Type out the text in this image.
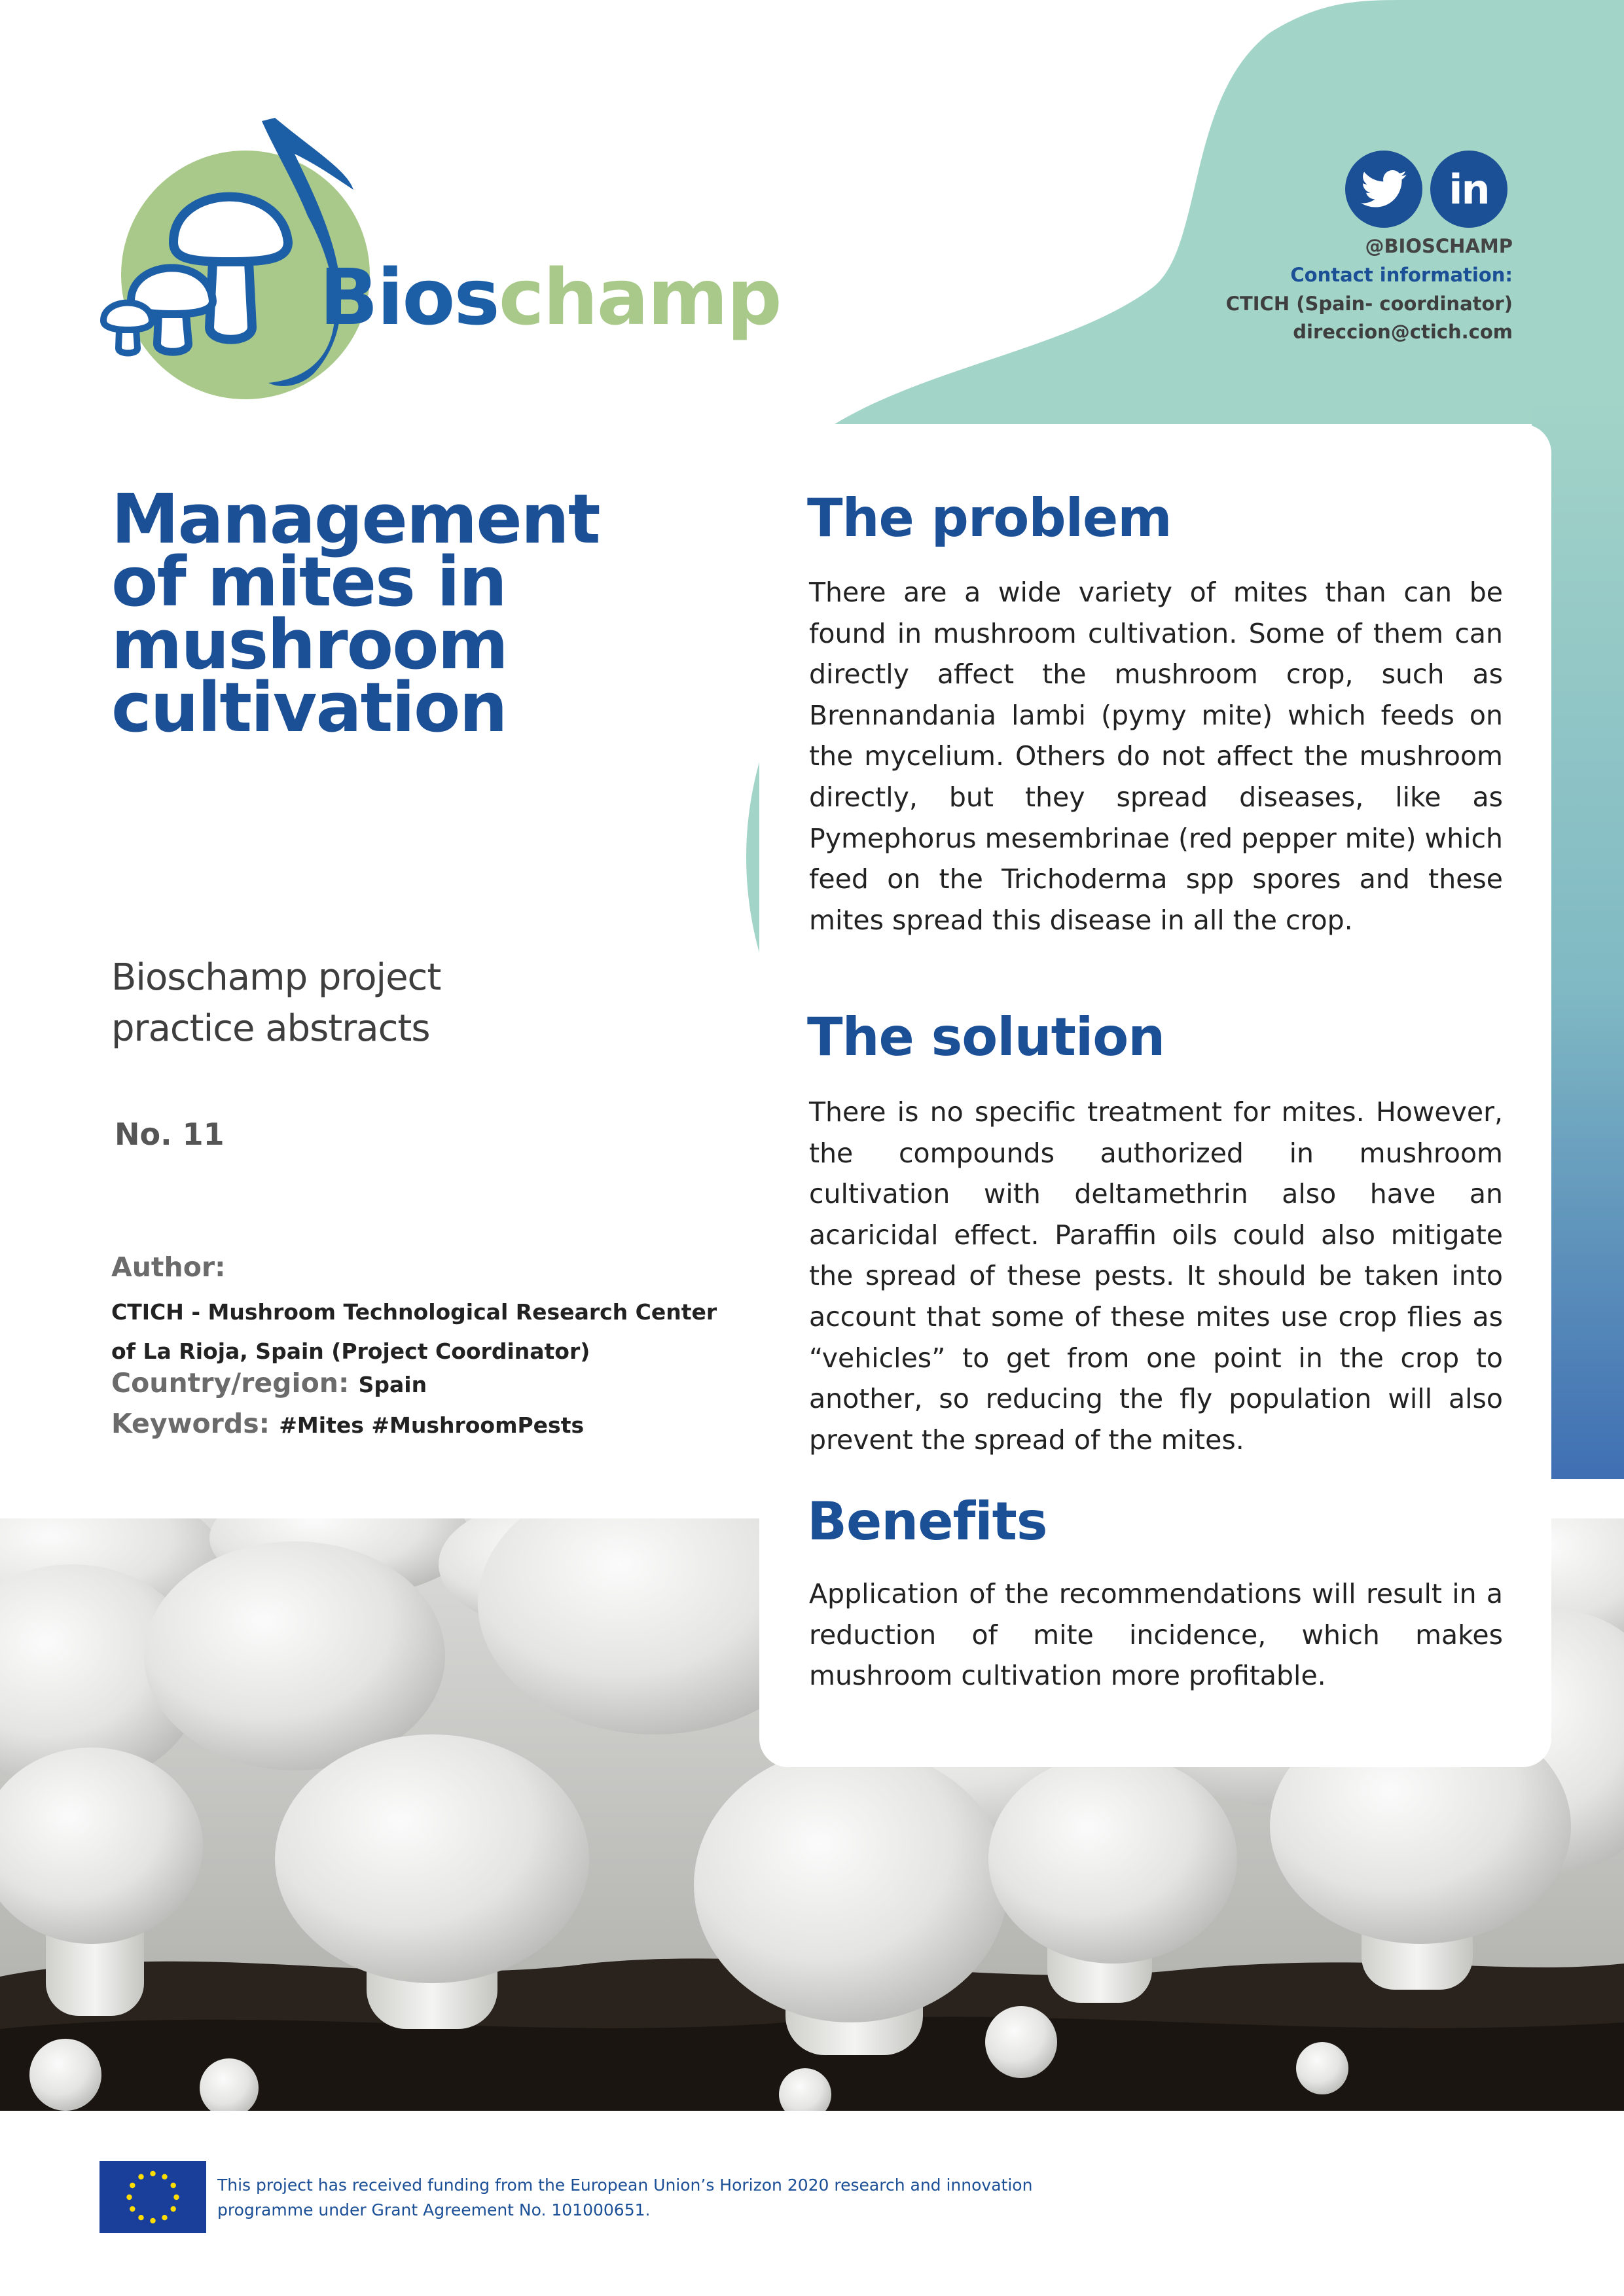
Bioschamp
in
@BIOSCHAMP
Contact information:
CTICH (Spain- coordinator)
direccion@ctich.com
Management
of mites in
mushroom
cultivation
Bioschamp project
practice abstracts
No. 11
Author:
CTICH - Mushroom Technological Research Center of La Rioja, Spain (Project Coordinator)
Country/region: Spain
Keywords: #Mites #MushroomPests
The problem

There are a wide variety of mites than can be found in mushroom cultivation. Some of them can directly affect the mushroom crop, such as Brennandania lambi (pymy mite) which feeds on the mycelium. Others do not affect the mushroom directly, but they spread diseases, like as Pymephorus mesembrinae (red pepper mite) which feed on the Trichoderma spp spores and these mites spread this disease in all the crop.

The solution

There is no specific treatment for mites. However, the compounds authorized in mushroom cultivation with deltamethrin also have an acaricidal effect. Paraffin oils could also mitigate the spread of these pests. It should be taken into account that some of these mites use crop flies as “vehicles” to get from one point in the crop to another, so reducing the fly population will also prevent the spread of the mites.

Benefits

Application of the recommendations will result in a reduction of mite incidence, which makes mushroom cultivation more profitable.

This project has received funding from the European Union’s Horizon 2020 research and innovation
programme under Grant Agreement No. 101000651.
